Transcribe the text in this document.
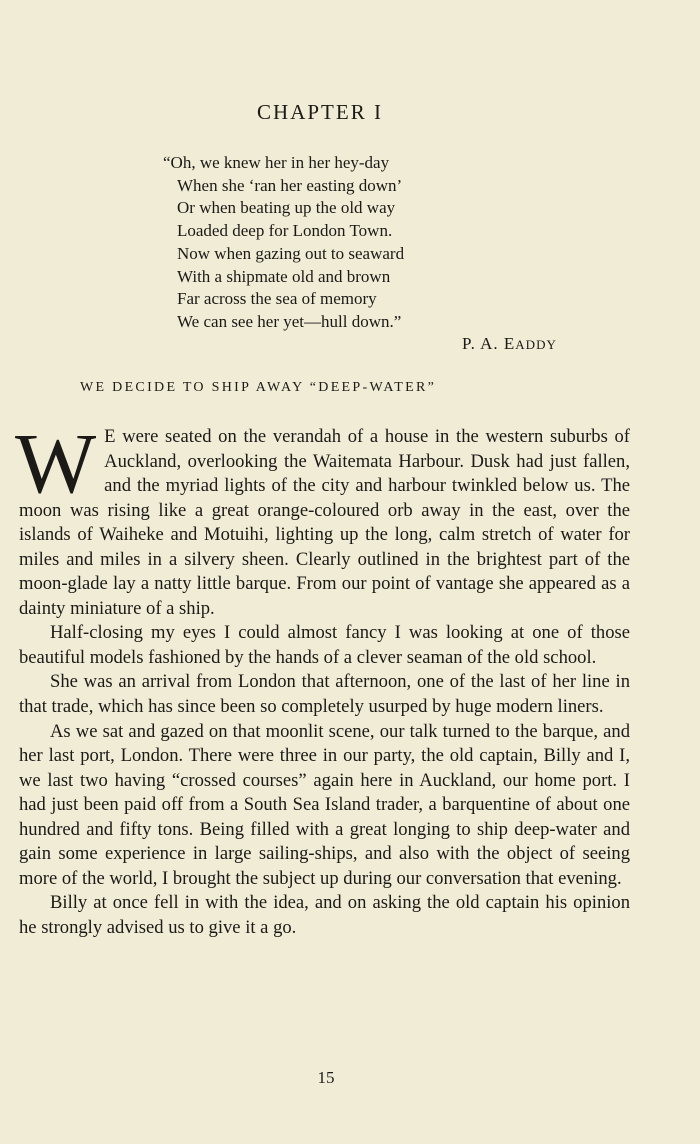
CHAPTER I
“Oh, we knew her in her hey-day
When she ‘ran her easting down’
Or when beating up the old way
Loaded deep for London Town.
Now when gazing out to seaward
With a shipmate old and brown
Far across the sea of memory
We can see her yet—hull down.”
P. A. EADDY
WE DECIDE TO SHIP AWAY “DEEP-WATER”

W E were seated on the verandah of a house in the western suburbs of Auckland, overlooking the Waitemata Harbour. Dusk had just fallen, and the myriad lights of the city and harbour twinkled below us. The moon was rising like a great orange-coloured orb away in the east, over the islands of Waiheke and Motuihi, lighting up the long, calm stretch of water for miles and miles in a silvery sheen. Clearly outlined in the brightest part of the moon-glade lay a natty little barque. From our point of vantage she appeared as a dainty miniature of a ship.

Half-closing my eyes I could almost fancy I was looking at one of those beautiful models fashioned by the hands of a clever seaman of the old school.

She was an arrival from London that afternoon, one of the last of her line in that trade, which has since been so completely usurped by huge modern liners.

As we sat and gazed on that moonlit scene, our talk turned to the barque, and her last port, London. There were three in our party, the old captain, Billy and I, we last two having “crossed courses” again here in Auckland, our home port. I had just been paid off from a South Sea Island trader, a barquentine of about one hundred and fifty tons. Being filled with a great longing to ship deep-water and gain some experience in large sailing-ships, and also with the object of seeing more of the world, I brought the subject up during our conversation that evening.

Billy at once fell in with the idea, and on asking the old captain his opinion he strongly advised us to give it a go.

15
